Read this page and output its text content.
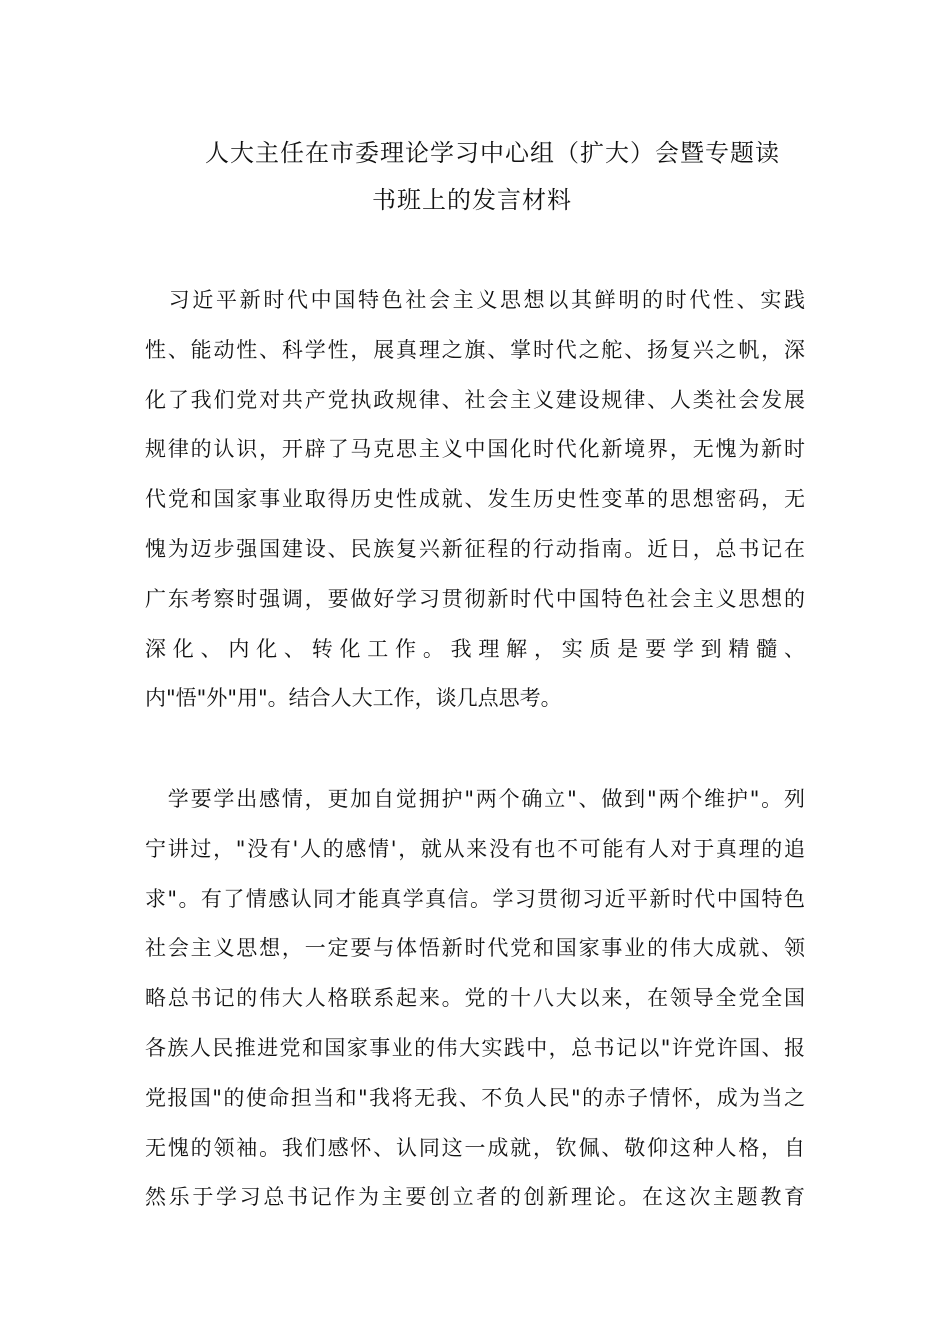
人大主任在市委理论学习中心组（扩大）会暨专题读
书班上的发言材料
　习近平新时代中国特色社会主义思想以其鲜明的时代性、实践
性、能动性、科学性，展真理之旗、掌时代之舵、扬复兴之帆，深
化了我们党对共产党执政规律、社会主义建设规律、人类社会发展
规律的认识，开辟了马克思主义中国化时代化新境界，无愧为新时
代党和国家事业取得历史性成就、发生历史性变革的思想密码，无
愧为迈步强国建设、民族复兴新征程的行动指南。近日，总书记在
广东考察时强调，要做好学习贯彻新时代中国特色社会主义思想的
深化、内化、转化工作。我理解，实质是要学到精髓、
内"悟"外"用"。结合人大工作，谈几点思考。
　学要学出感情，更加自觉拥护"两个确立"、做到"两个维护"。列
宁讲过，"没有'人的感情'，就从来没有也不可能有人对于真理的追
求"。有了情感认同才能真学真信。学习贯彻习近平新时代中国特色
社会主义思想，一定要与体悟新时代党和国家事业的伟大成就、领
略总书记的伟大人格联系起来。党的十八大以来，在领导全党全国
各族人民推进党和国家事业的伟大实践中，总书记以"许党许国、报
党报国"的使命担当和"我将无我、不负人民"的赤子情怀，成为当之
无愧的领袖。我们感怀、认同这一成就，钦佩、敬仰这种人格，自
然乐于学习总书记作为主要创立者的创新理论。在这次主题教育
